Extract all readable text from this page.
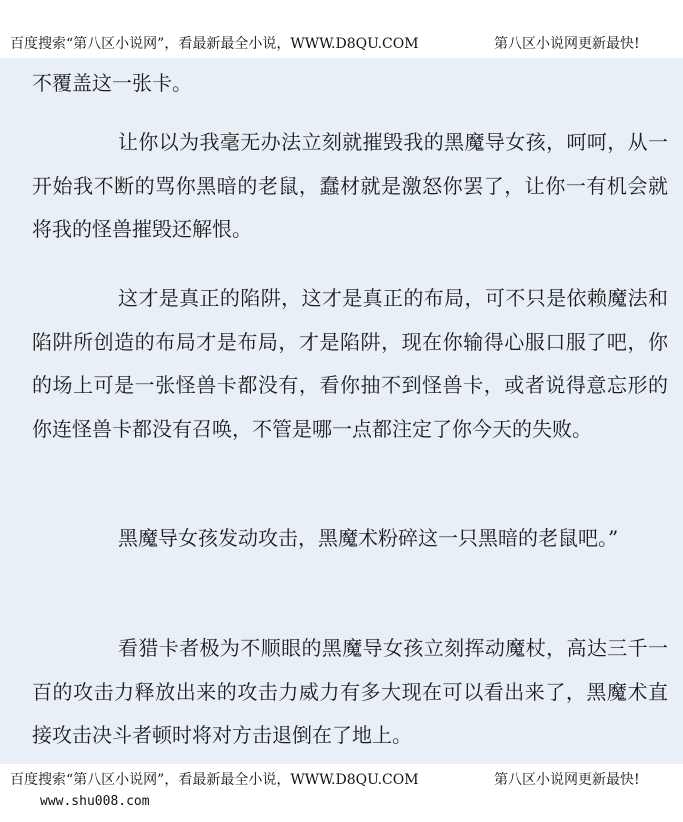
百度搜索“第八区小说网”，看最新最全小说，WWW.D8QU.COM	第八区小说网更新最快!

不覆盖这一张卡。

让你以为我毫无办法立刻就摧毁我的黑魔导女孩，呵呵，从一开始我不断的骂你黑暗的老鼠，蠢材就是激怒你罢了，让你一有机会就将我的怪兽摧毁还解恨。

这才是真正的陷阱，这才是真正的布局，可不只是依赖魔法和陷阱所创造的布局才是布局，才是陷阱，现在你输得心服口服了吧，你的场上可是一张怪兽卡都没有，看你抽不到怪兽卡，或者说得意忘形的你连怪兽卡都没有召唤，不管是哪一点都注定了你今天的失败。

黑魔导女孩发动攻击，黑魔术粉碎这一只黑暗的老鼠吧。”

看猎卡者极为不顺眼的黑魔导女孩立刻挥动魔杖，高达三千一百的攻击力释放出来的攻击力威力有多大现在可以看出来了，黑魔术直接攻击决斗者顿时将对方击退倒在了地上。

百度搜索“第八区小说网”，看最新最全小说，WWW.D8QU.COM	第八区小说网更新最快!
www.shu008.com
